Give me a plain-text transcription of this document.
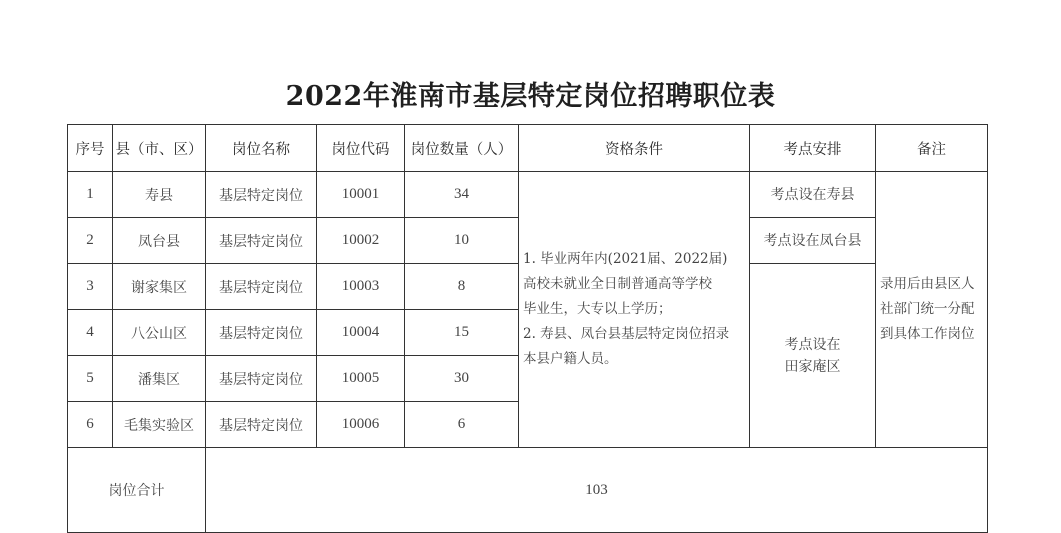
2022年淮南市基层特定岗位招聘职位表
序号	县（市、区）	岗位名称	岗位代码	岗位数量（人）	资格条件	考点安排	备注
1	寿县	基层特定岗位	10001	34	1. 毕业两年内(2021届、2022届)
高校未就业全日制普通高等学校
毕业生，大专以上学历；
2. 寿县、凤台县基层特定岗位招录
本县户籍人员。	考点设在寿县	录用后由县区人
社部门统一分配
到具体工作岗位

2	凤台县	基层特定岗位	10002	10		考点设在凤台县	
3	谢家集区	基层特定岗位	10003	8		考点设在
田家庵区	

4	八公山区	基层特定岗位	10004	15			
5	潘集区	基层特定岗位	10005	30			
6	毛集实验区	基层特定岗位	10006	6			
岗位合计		103					
